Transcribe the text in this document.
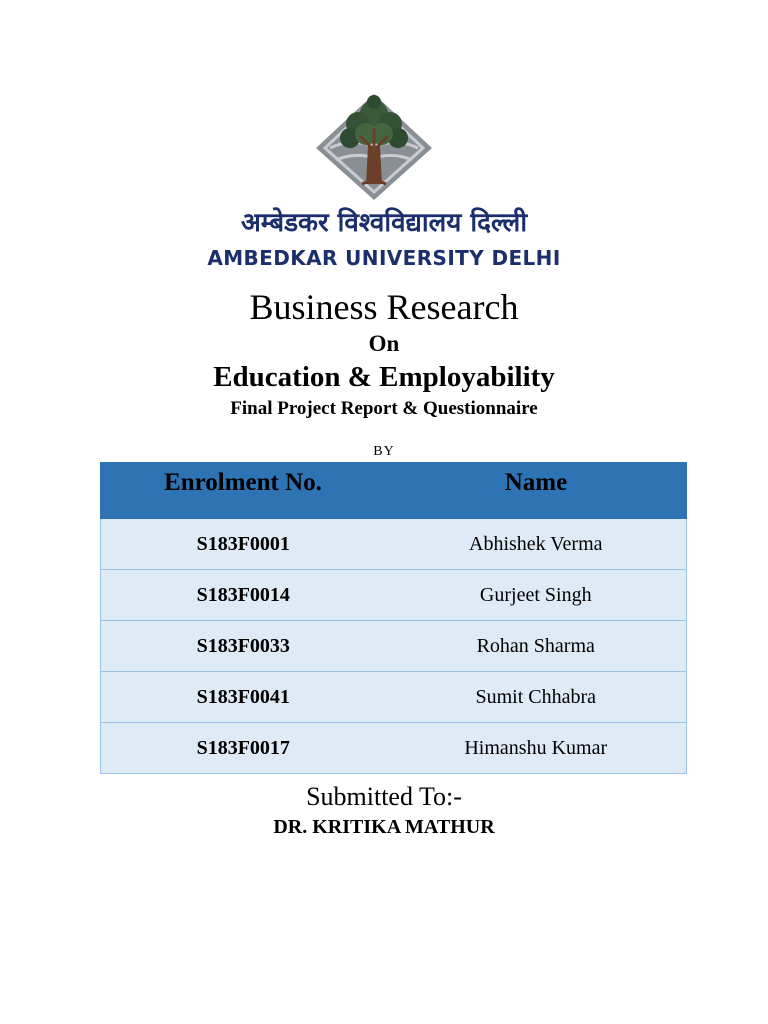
अम्बेडकर विश्वविद्यालय दिल्ली
AMBEDKAR UNIVERSITY DELHI
Business Research
On
Education & Employability
Final Project Report & Questionnaire
BY
Enrolment No.	Name
S183F0001	Abhishek Verma
S183F0014	Gurjeet Singh
S183F0033	Rohan Sharma
S183F0041	Sumit Chhabra
S183F0017	Himanshu Kumar
Submitted To:-
DR. KRITIKA MATHUR
